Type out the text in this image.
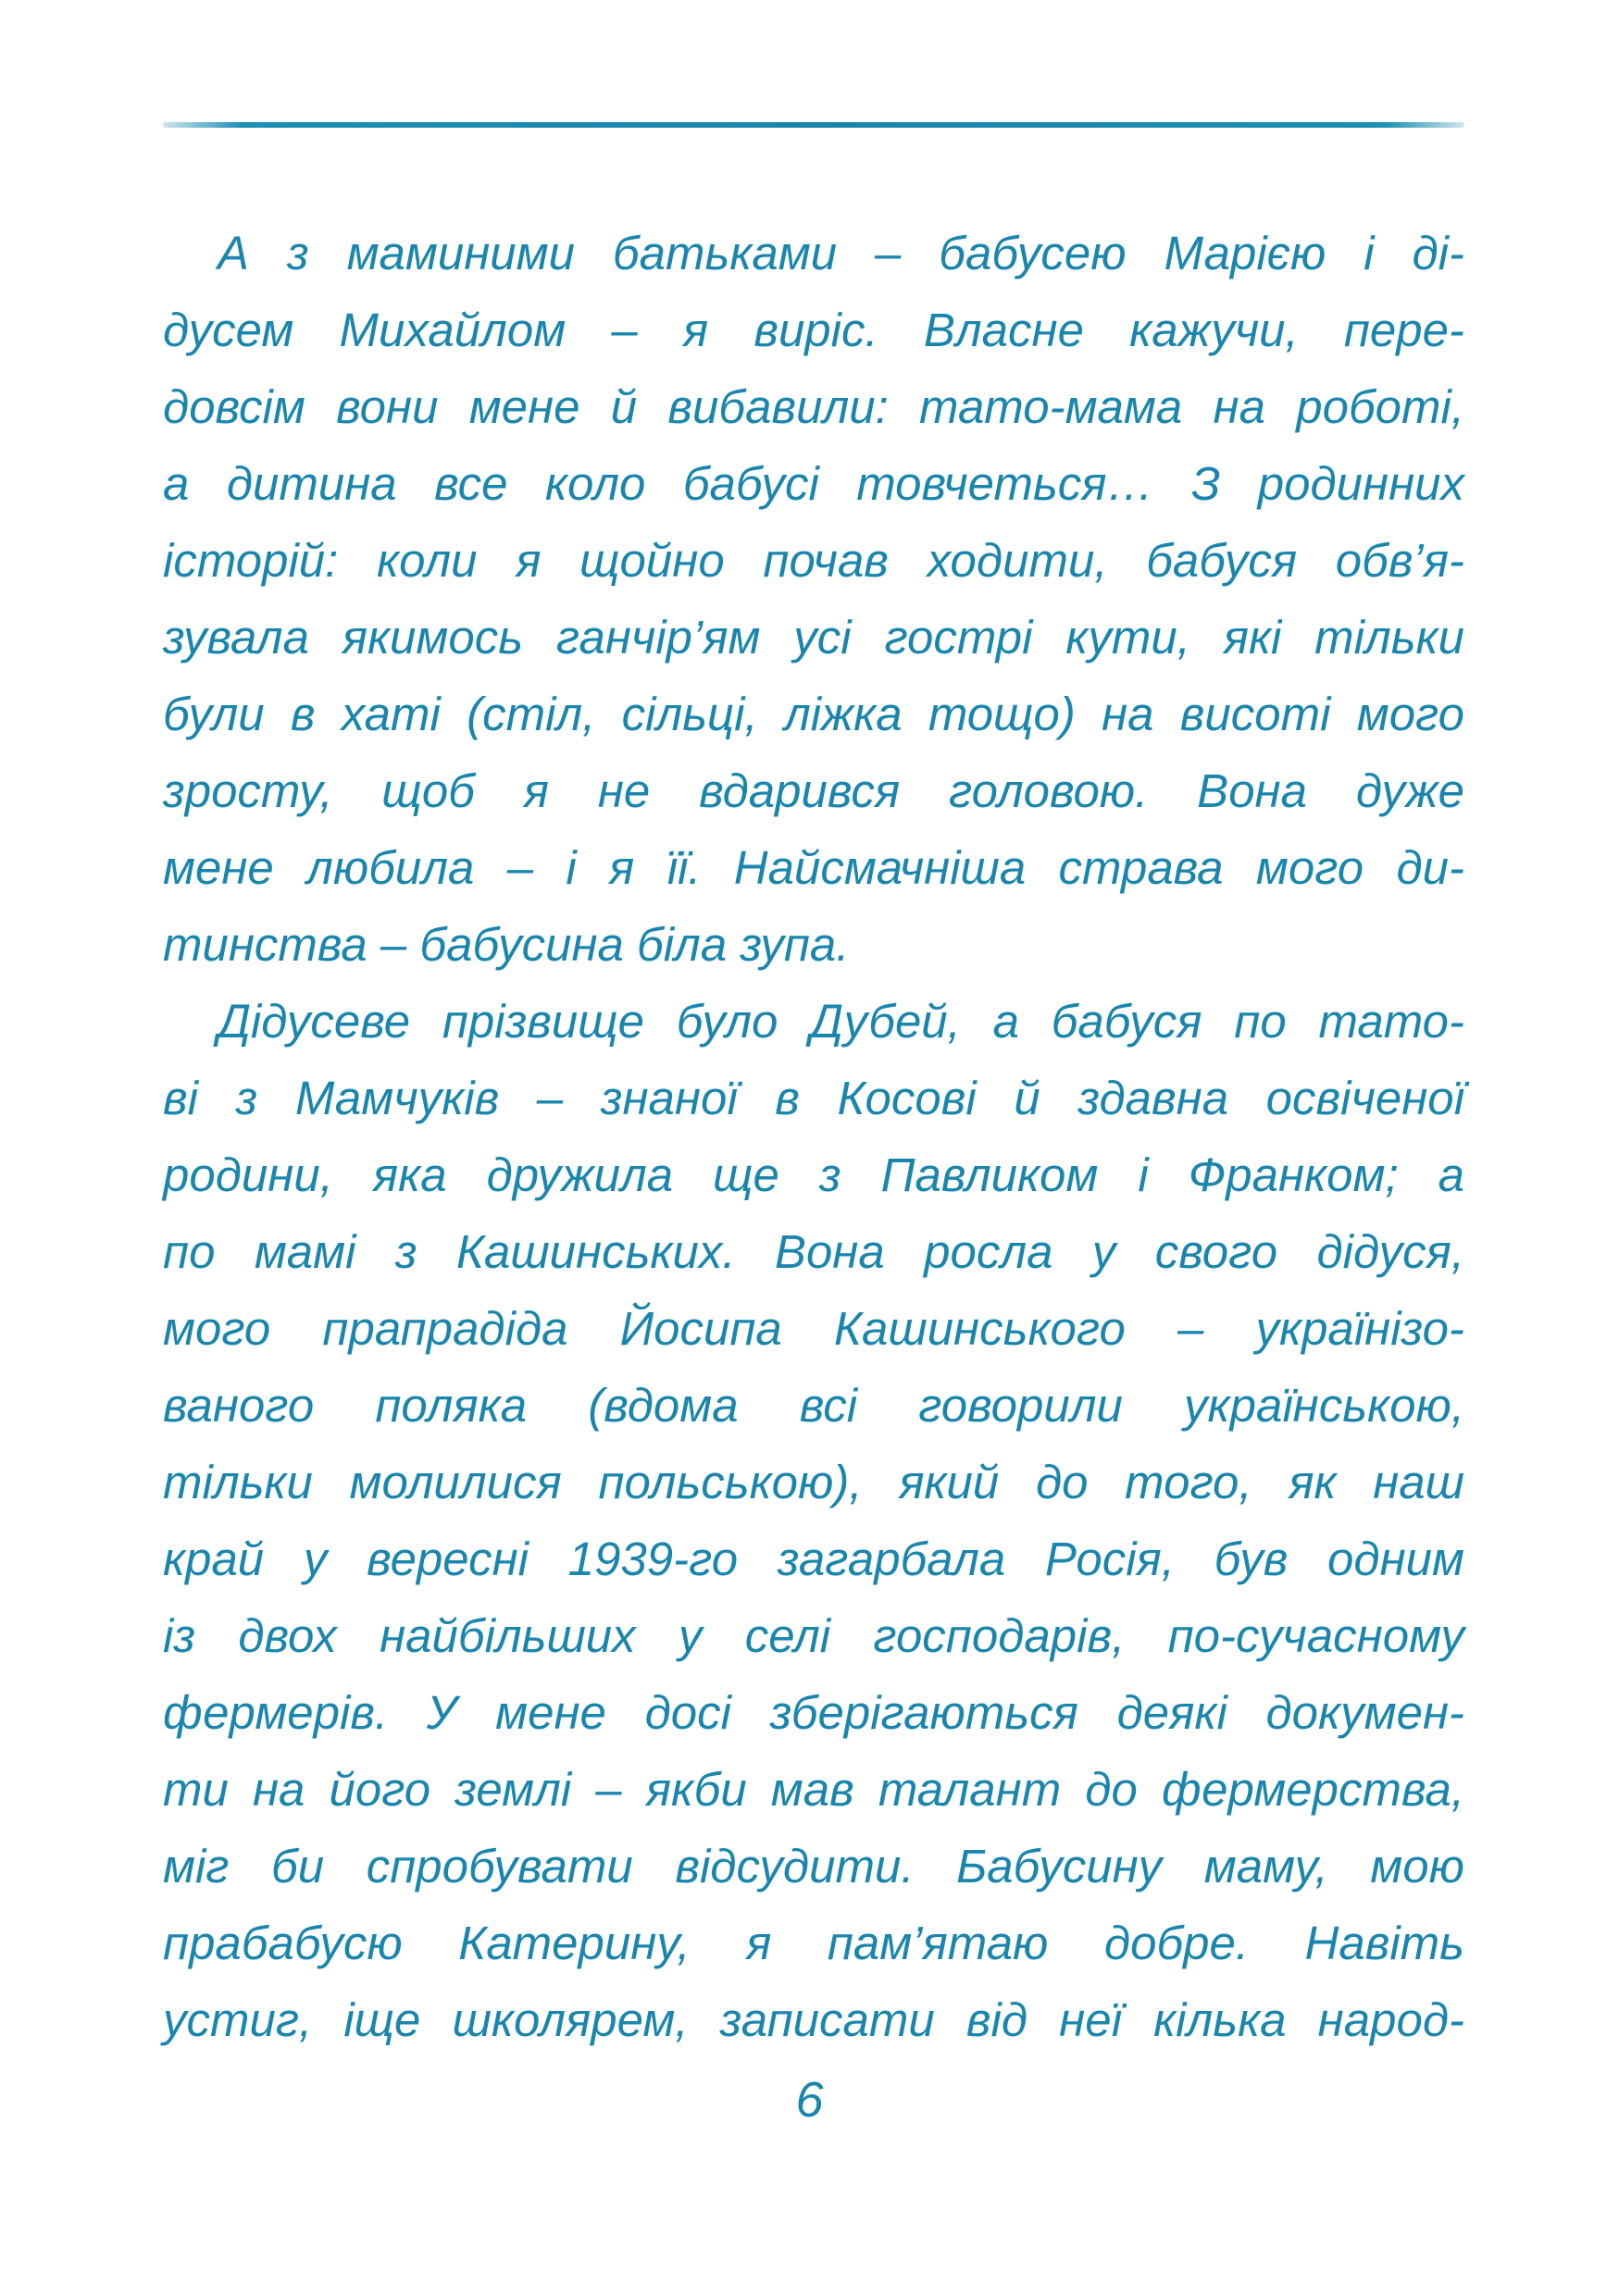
А з маминими батьками – бабусею Марією і ді-
дусем Михайлом – я виріс. Власне кажучи, пере-
довсім вони мене й вибавили: тато-мама на роботі,
а дитина все коло бабусі товчеться… З родинних
історій: коли я щойно почав ходити, бабуся обв’я-
зувала якимось ганчір’ям усі гострі кути, які тільки
були в хаті (стіл, сільці, ліжка тощо) на висоті мого
зросту, щоб я не вдарився головою. Вона дуже
мене любила – і я її. Найсмачніша страва мого ди-
тинства – бабусина біла зупа.
Дідусеве прізвище було Дубей, а бабуся по тато-
ві з Мамчуків – знаної в Косові й здавна освіченої
родини, яка дружила ще з Павликом і Франком; а
по мамі з Кашинських. Вона росла у свого дідуся,
мого прапрадіда Йосипа Кашинського – українізо-
ваного поляка (вдома всі говорили українською,
тільки молилися польською), який до того, як наш
край у вересні 1939-го загарбала Росія, був одним
із двох найбільших у селі господарів, по-сучасному
фермерів. У мене досі зберігаються деякі докумен-
ти на його землі – якби мав талант до фермерства,
міг би спробувати відсудити. Бабусину маму, мою
прабабусю Катерину, я пам’ятаю добре. Навіть
устиг, іще школярем, записати від неї кілька народ-
6
